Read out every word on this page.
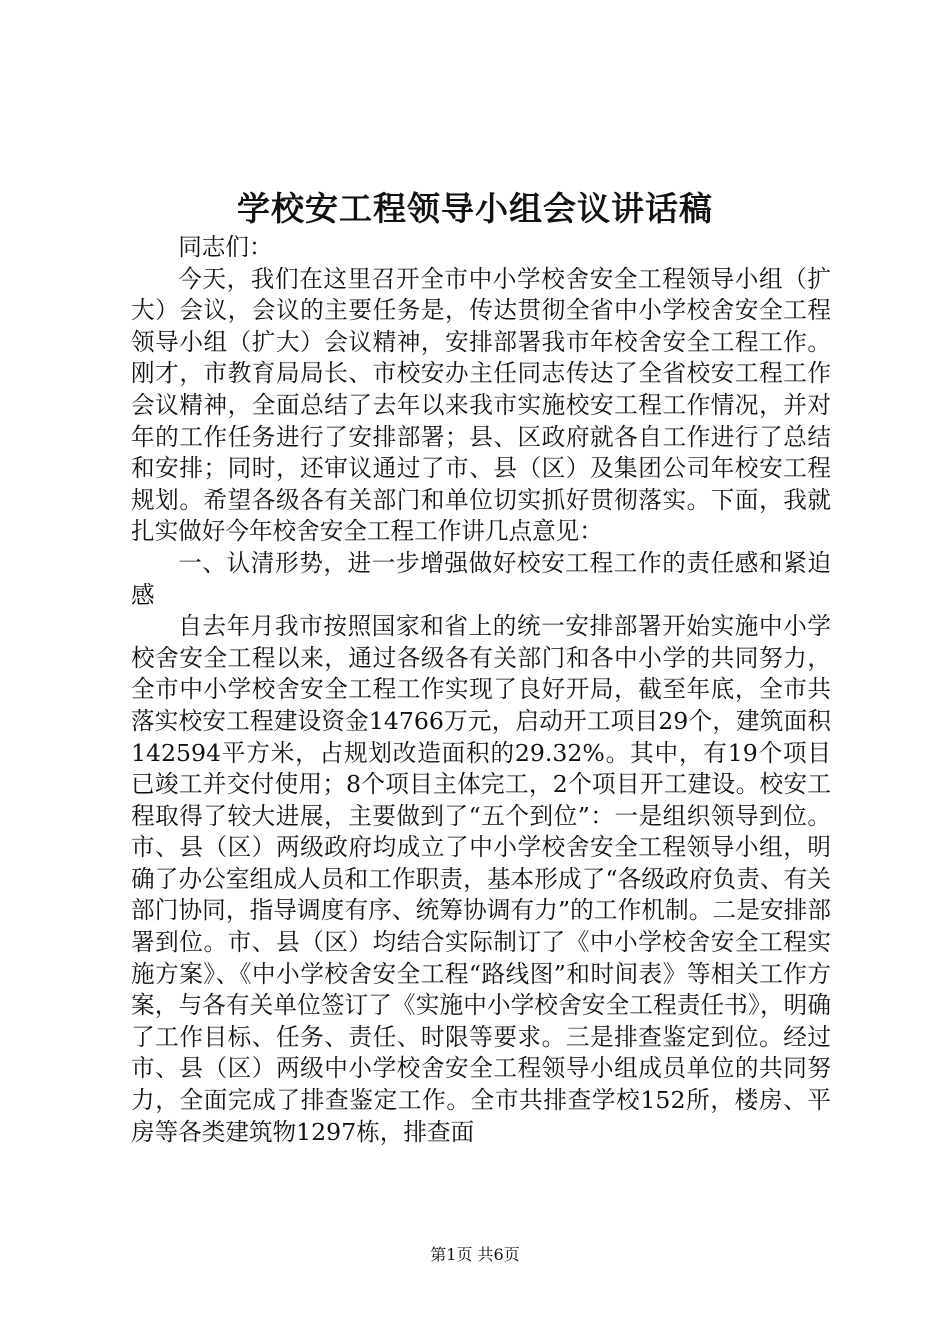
学校安工程领导小组会议讲话稿

同志们：

今天，我们在这里召开全市中小学校舍安全工程领导小组（扩大）会议，会议的主要任务是，传达贯彻全省中小学校舍安全工程领导小组（扩大）会议精神，安排部署我市年校舍安全工程工作。刚才，市教育局局长、市校安办主任同志传达了全省校安工程工作会议精神，全面总结了去年以来我市实施校安工程工作情况，并对年的工作任务进行了安排部署；县、区政府就各自工作进行了总结和安排；同时，还审议通过了市、县（区）及集团公司年校安工程规划。希望各级各有关部门和单位切实抓好贯彻落实。下面，我就扎实做好今年校舍安全工程工作讲几点意见：

一、认清形势，进一步增强做好校安工程工作的责任感和紧迫感

自去年月我市按照国家和省上的统一安排部署开始实施中小学校舍安全工程以来，通过各级各有关部门和各中小学的共同努力，全市中小学校舍安全工程工作实现了良好开局，截至年底，全市共落实校安工程建设资金14766万元，启动开工项目29个，建筑面积142594平方米，占规划改造面积的29.32%。其中，有19个项目已竣工并交付使用；8个项目主体完工，2个项目开工建设。校安工程取得了较大进展，主要做到了“五个到位”：一是组织领导到位。市、县（区）两级政府均成立了中小学校舍安全工程领导小组，明确了办公室组成人员和工作职责，基本形成了“各级政府负责、有关部门协同，指导调度有序、统筹协调有力”的工作机制。二是安排部署到位。市、县（区）均结合实际制订了《中小学校舍安全工程实施方案》、《中小学校舍安全工程“路线图”和时间表》等相关工作方案，与各有关单位签订了《实施中小学校舍安全工程责任书》，明确了工作目标、任务、责任、时限等要求。三是排查鉴定到位。经过市、县（区）两级中小学校舍安全工程领导小组成员单位的共同努力，全面完成了排查鉴定工作。全市共排查学校152所，楼房、平房等各类建筑物1297栋，排查面

第1页 共6页
